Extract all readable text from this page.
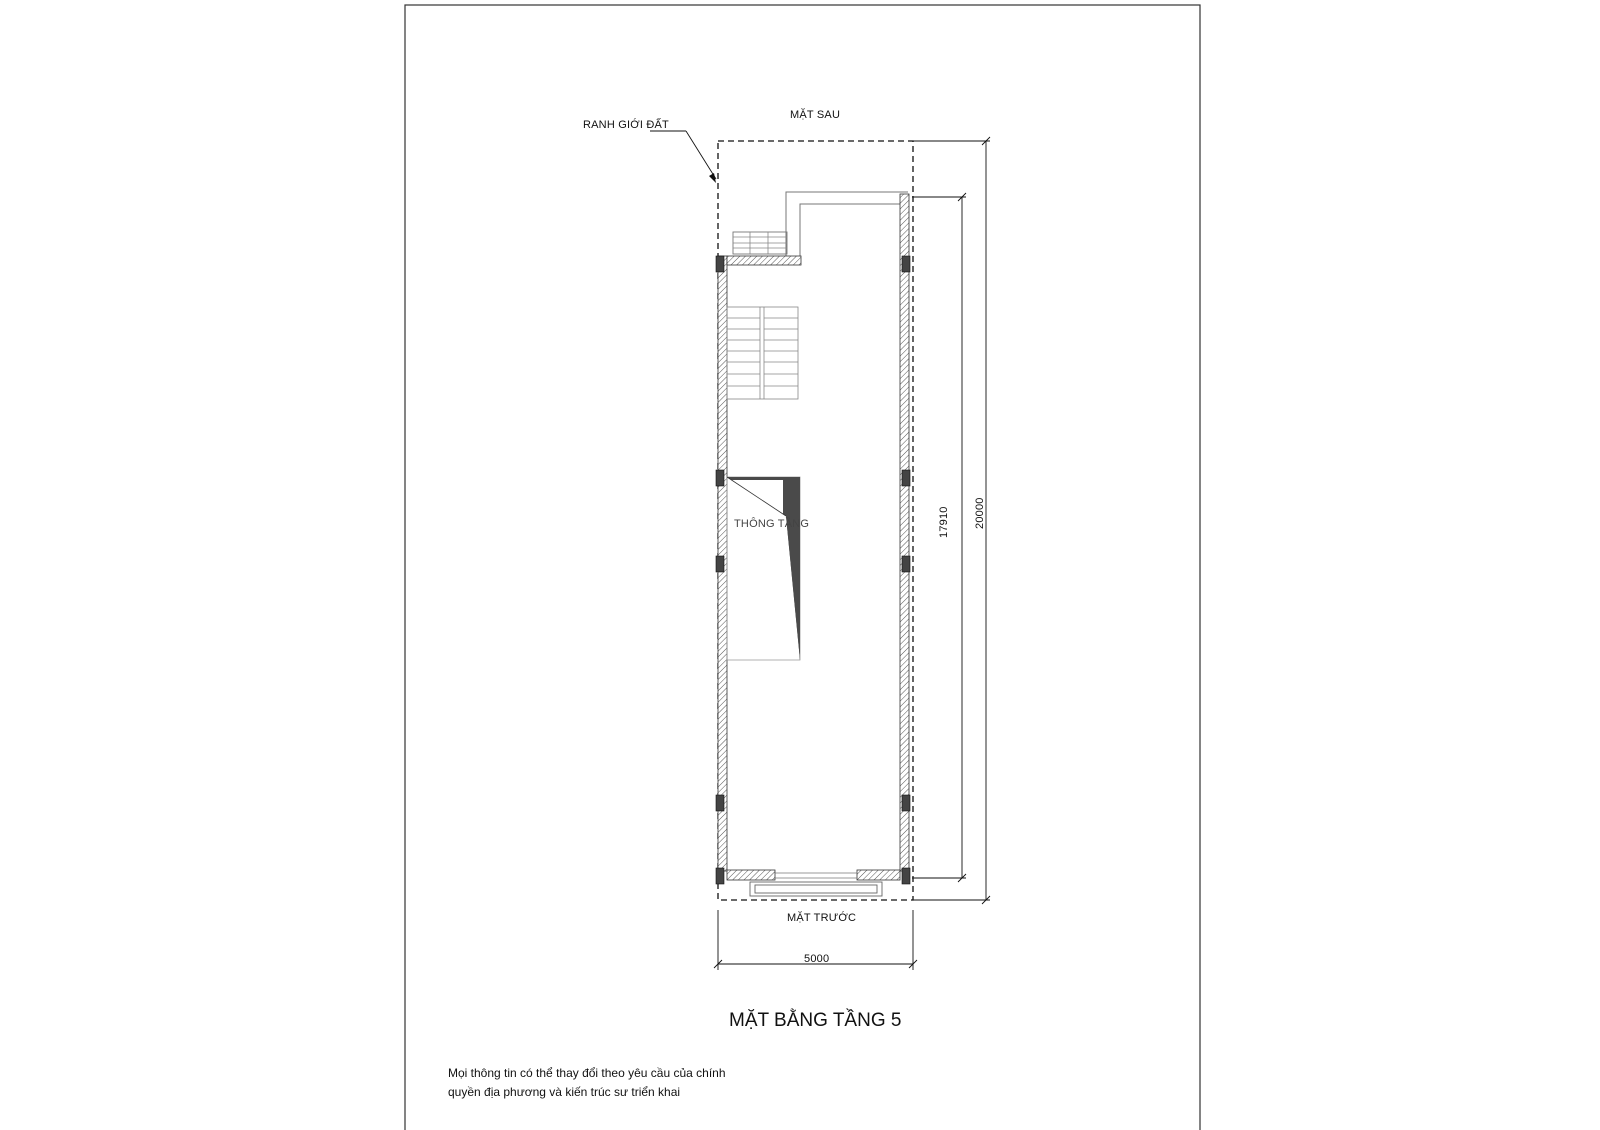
MẶT SAU
RANH GIỚI ĐẤT
THÔNG TẦNG
MẶT TRƯỚC
5000
17910 20000
MẶT BẰNG TẦNG 5
Mọi thông tin có thể thay đổi theo yêu cầu của chính
quyền địa phương và kiến trúc sư triển khai
